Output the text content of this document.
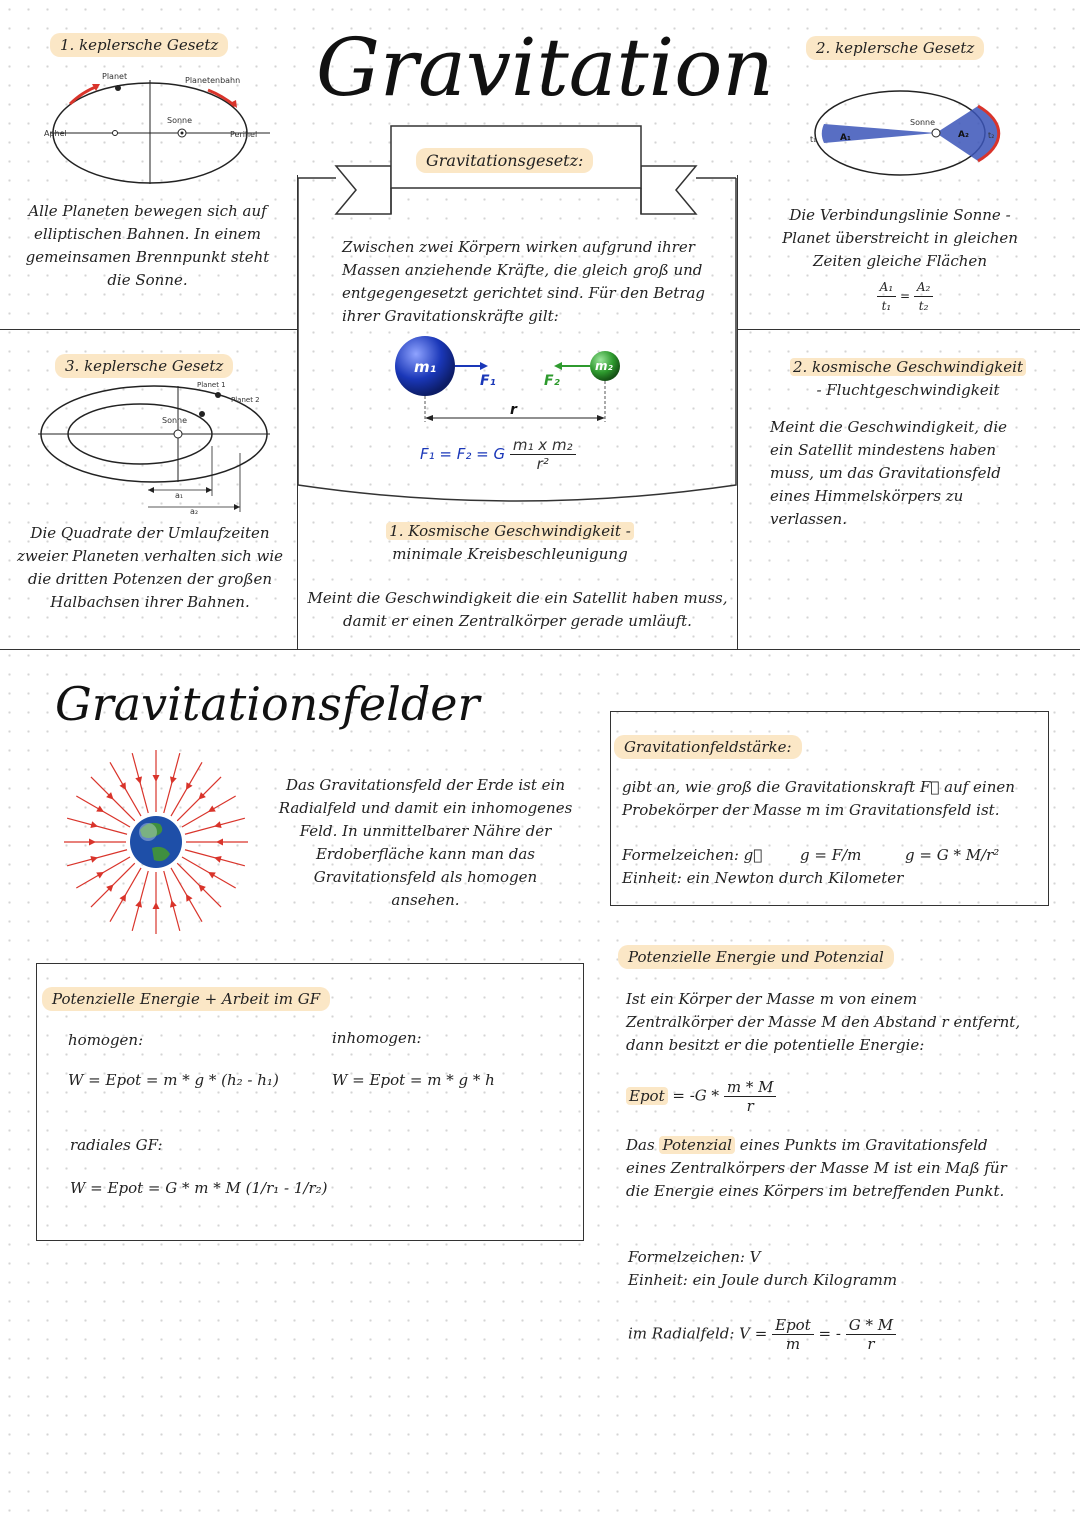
Gravitation
1. keplersche Gesetz
Planet	Planetenbahn
Sonne
Aphel	Perihel
Alle Planeten bewegen sich auf elliptischen Bahnen. In einem gemeinsamen Brennpunkt steht die Sonne.
2. keplersche Gesetz
Sonne
A₁	A₂
t₁	t₂
Die Verbindungslinie Sonne - Planet überstreicht in gleichen Zeiten gleiche Flächen
$\frac{\text{A₁}}{\text{t₁}} = \frac{\text{A₂}}{\text{t₂}}$
3. keplersche Gesetz
Planet 1
Planet 2
Sonne
a₁
a₂
Die Quadrate der Umlaufzeiten zweier Planeten verhalten sich wie die dritten Potenzen der großen Halbachsen ihrer Bahnen.
Gravitationsgesetz:
Zwischen zwei Körpern wirken aufgrund ihrer Massen anziehende Kräfte, die gleich groß und entgegengesetzt gerichtet sind. Für den Betrag ihrer Gravitationskräfte gilt:
m₁	m₂
F₁	F₂
r
F₁ = F₂ = G $\frac{\text{m₁ x m₂}}{\text{r²}}$
1. Kosmische Geschwindigkeit -
minimale Kreisbeschleunigung
Meint die Geschwindigkeit die ein Satellit haben muss, damit er einen Zentralkörper gerade umläuft.
2. kosmische Geschwindigkeit
- Fluchtgeschwindigkeit
Meint die Geschwindigkeit, die ein Satellit mindestens haben muss, um das Gravitationsfeld eines Himmelskörpers zu verlassen.
Gravitationsfelder
Das Gravitationsfeld der Erde ist ein Radialfeld und damit ein inhomogenes Feld. In unmittelbarer Nähre der Erdoberfläche kann man das Gravitationsfeld als homogen ansehen.
Gravitationfeldstärke:
gibt an, wie groß die Gravitationskraft F⃗ auf einen Probekörper der Masse m im Gravitationsfeld ist.
Formelzeichen: g⃗	g = F/m	g = G * M/r²
Einheit: ein Newton durch Kilometer
Potenzielle Energie + Arbeit im GF
homogen:	inhomogen:
W = Epot = m * g * (h₂ - h₁)	W = Epot = m * g * h
radiales GF:
W = Epot = G * m * M (1/r₁ - 1/r₂)
Potenzielle Energie und Potenzial
Ist ein Körper der Masse m von einem Zentralkörper der Masse M den Abstand r entfernt, dann besitzt er die potentielle Energie:
Epot = $-G * \frac{m * M}{r}$
Das Potenzial eines Punkts im Gravitationsfeld eines Zentralkörpers der Masse M ist ein Maß für die Energie eines Körpers im betreffenden Punkt.
Formelzeichen: V
Einheit: ein Joule durch Kilogramm
im Radialfeld: $V = \frac{\text{Epot}}{m}$ = - $\frac{G * M}{r}$
